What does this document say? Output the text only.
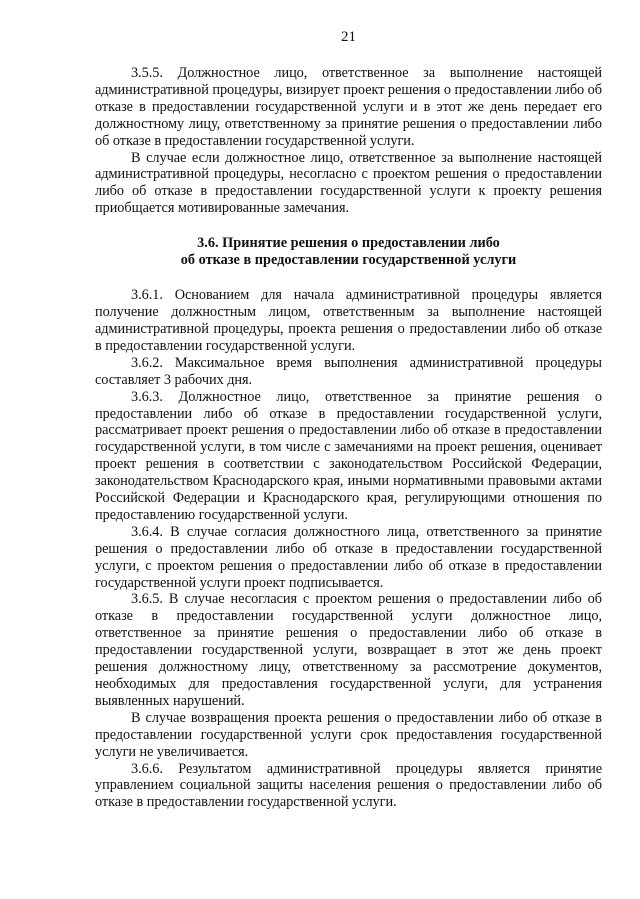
21

3.5.5. Должностное лицо, ответственное за выполнение настоящей административной процедуры, визирует проект решения о предоставлении либо об отказе в предоставлении государственной услуги и в этот же день передает его должностному лицу, ответственному за принятие решения о предоставлении либо об отказе в предоставлении государственной услуги.

В случае если должностное лицо, ответственное за выполнение настоящей административной процедуры, несогласно с проектом решения о предоставлении либо об отказе в предоставлении государственной услуги к проекту решения приобщается мотивированные замечания.

3.6. Принятие решения о предоставлении либо
об отказе в предоставлении государственной услуги

3.6.1. Основанием для начала административной процедуры является получение должностным лицом, ответственным за выполнение настоящей административной процедуры, проекта решения о предоставлении либо об отказе в предоставлении государственной услуги.

3.6.2. Максимальное время выполнения административной процедуры составляет 3 рабочих дня.

3.6.3. Должностное лицо, ответственное за принятие решения о предоставлении либо об отказе в предоставлении государственной услуги, рассматривает проект решения о предоставлении либо об отказе в предоставлении государственной услуги, в том числе с замечаниями на проект решения, оценивает проект решения в соответствии с законодательством Российской Федерации, законодательством Краснодарского края, иными нормативными правовыми актами Российской Федерации и Краснодарского края, регулирующими отношения по предоставлению государственной услуги.

3.6.4. В случае согласия должностного лица, ответственного за принятие решения о предоставлении либо об отказе в предоставлении государственной услуги, с проектом решения о предоставлении либо об отказе в предоставлении государственной услуги проект подписывается.

3.6.5. В случае несогласия с проектом решения о предоставлении либо об отказе в предоставлении государственной услуги должностное лицо, ответственное за принятие решения о предоставлении либо об отказе в предоставлении государственной услуги, возвращает в этот же день проект решения должностному лицу, ответственному за рассмотрение документов, необходимых для предоставления государственной услуги, для устранения выявленных нарушений.

В случае возвращения проекта решения о предоставлении либо об отказе в предоставлении государственной услуги срок предоставления государственной услуги не увеличивается.

3.6.6. Результатом административной процедуры является принятие управлением социальной защиты населения решения о предоставлении либо об отказе в предоставлении государственной услуги.
